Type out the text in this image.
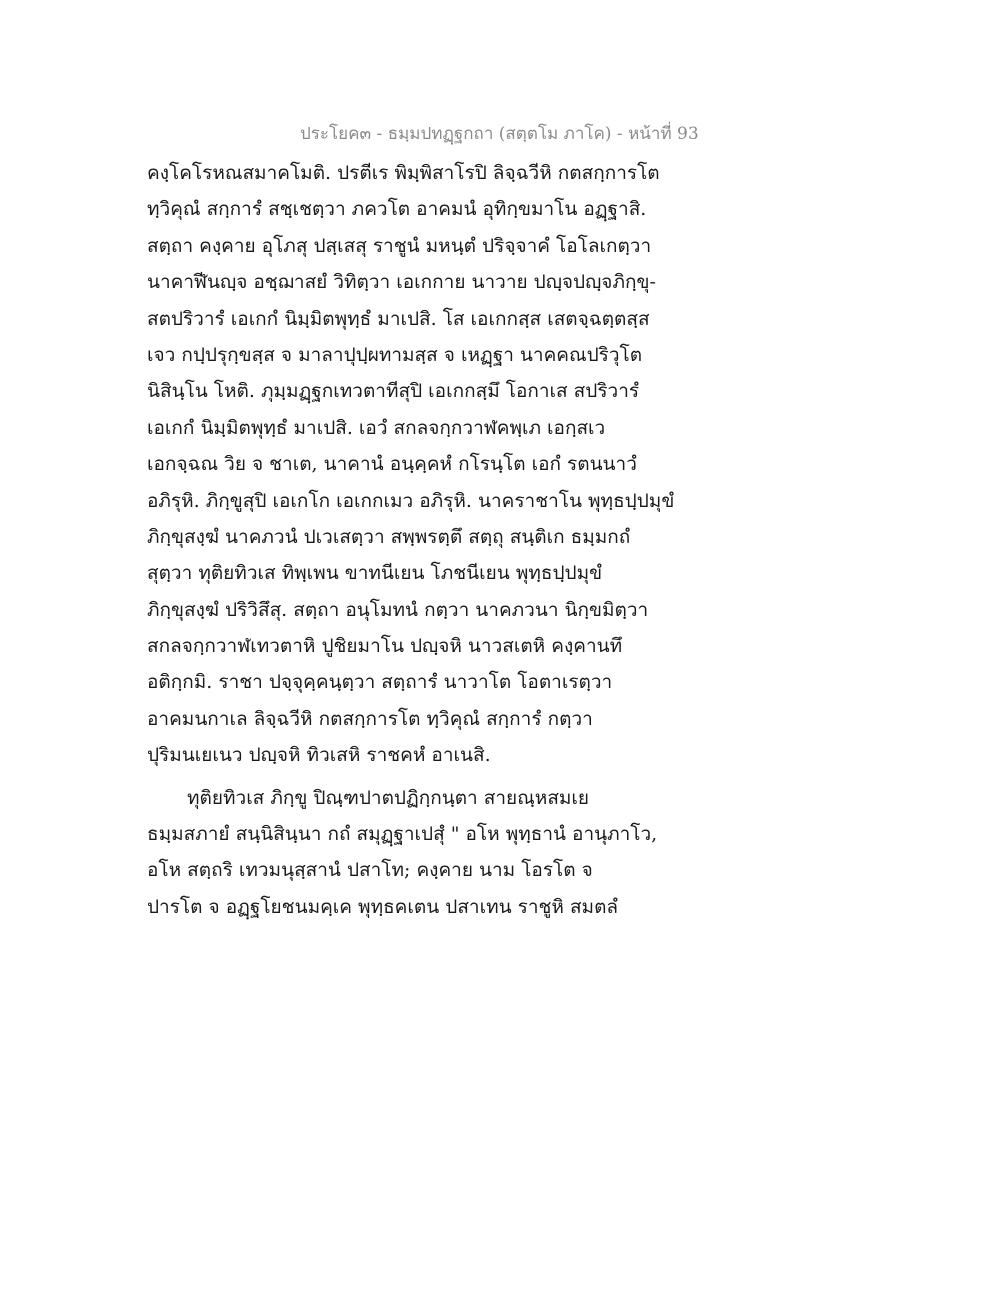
ประโยค๓ - ธมฺมปทฏฺฐกถา (สตฺตโม ภาโค) - หน้าที่ 93
คงฺโคโรหณสมาคโมติ. ปรตีเร พิมฺพิสาโรปิ ลิจฺฉวีหิ กตสกฺการโต
ทฺวิคุณํ สกฺการํ สชฺเชตฺวา ภควโต อาคมนํ อุทิกฺขมาโน อฏฺฐาสิ.
สตฺถา คงฺคาย อุโภสุ ปสฺเสสุ ราชูนํ มหนฺตํ ปริจฺจาคํ โอโลเกตฺวา
นาคาฬีนญฺจ อชฺฌาสยํ วิทิตฺวา เอเกกาย นาวาย ปญฺจปญฺจภิกฺขุ-
สตปริวารํ เอเกกํ นิมฺมิตพุทฺธํ มาเปสิ. โส เอเกกสฺส เสตจฺฉตฺตสฺส
เจว กปฺปรุกฺขสฺส จ มาลาปุปฺผทามสฺส จ เหฏฺฐา นาคคณปริวุโต
นิสินฺโน โหติ. ภุมฺมฏฺฐกเทวตาทีสุปิ เอเกกสฺมึ โอกาเส สปริวารํ
เอเกกํ นิมฺมิตพุทฺธํ มาเปสิ. เอวํ สกลจกฺกวาฬคพฺเภ เอกฺสเว
เอกจฺฉณ วิย จ ชาเต, นาคานํ อนฺคฺคหํ กโรนฺโต เอกํ รตนนาวํ
อภิรุหิ. ภิกฺขูสุปิ เอเกโก เอเกกเมว อภิรุหิ. นาคราชาโน พุทฺธปฺปมุขํ
ภิกฺขุสงฺฆํ นาคภวนํ ปเวเสตฺวา สพฺพรตฺตึ สตฺถุ สนฺติเก ธมฺมกถํ
สุตฺวา ทุติยทิวเส ทิพฺเพน ขาทนีเยน โภชนีเยน พุทฺธปฺปมุขํ
ภิกฺขุสงฺฆํ ปริวิสึสุ. สตฺถา อนุโมทนํ กตฺวา นาคภวนา นิกฺขมิตฺวา
สกลจกฺกวาฬเทวตาหิ ปูชิยมาโน ปญฺจหิ นาวสเตหิ คงฺคานทึ
อติกฺกมิ. ราชา ปจฺจุคฺคนฺตฺวา สตฺถารํ นาวาโต โอตาเรตฺวา
อาคมนกาเล ลิจฺฉวีหิ กตสกฺการโต ทฺวิคุณํ สกฺการํ กตฺวา
ปุริมนเยเนว ปญฺจหิ ทิวเสหิ ราชคหํ อาเนสิ.
ทุติยทิวเส ภิกฺขู ปิณฺฑปาตปฏิกฺกนฺตา สายณฺหสมเย
ธมฺมสภายํ สนฺนิสินฺนา กถํ สมุฏฺฐาเปสุํ " อโห พุทฺธานํ อานุภาโว,
อโห สตฺถริ เทวมนุสฺสานํ ปสาโท; คงฺคาย นาม โอรโต จ
ปารโต จ อฏฺฐโยชนมคฺเค พุทฺธคเตน ปสาเทน ราชูหิ สมตลํ
